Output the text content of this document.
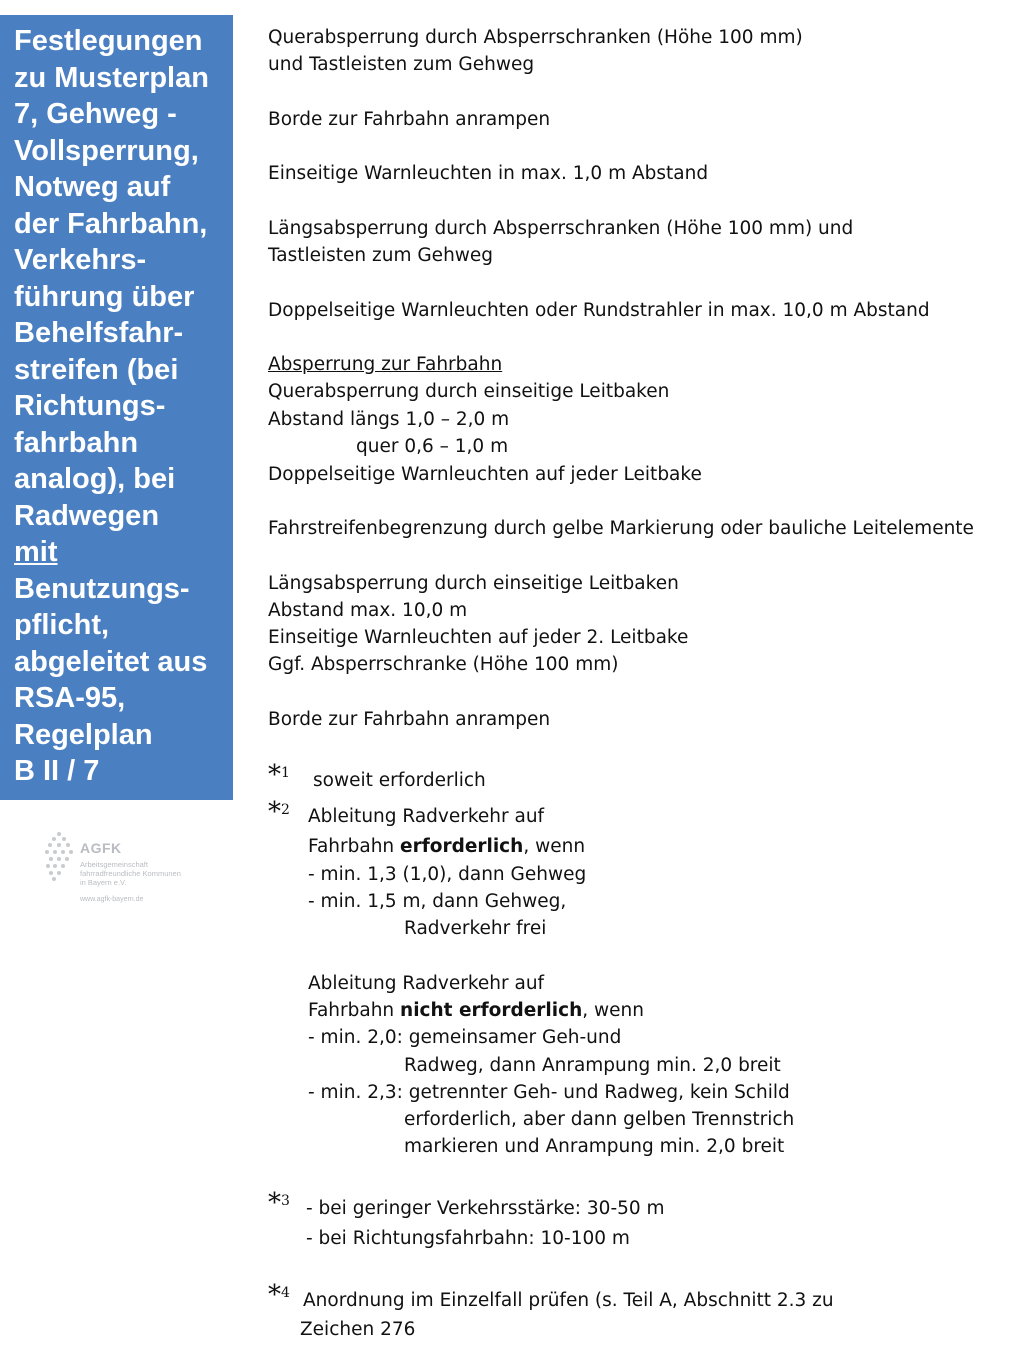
Festlegungen
zu Musterplan
7, Gehweg -
Vollsperrung,
Notweg auf
der Fahrbahn,
Verkehrs-
führung über
Behelfsfahr-
streifen (bei
Richtungs-
fahrbahn
analog), bei
Radwegen
mit
Benutzungs-
pflicht,
abgeleitet aus
RSA-95,
Regelplan
B II / 7
AGFK
Arbeitsgemeinschaft
fahrradfreundliche Kommunen
in Bayern e.V.
www.agfk-bayern.de
Querabsperrung durch Absperrschranken (Höhe 100 mm)
und Tastleisten zum Gehweg
Borde zur Fahrbahn anrampen
Einseitige Warnleuchten in max. 1,0 m Abstand
Längsabsperrung durch Absperrschranken (Höhe 100 mm) und
Tastleisten zum Gehweg
Doppelseitige Warnleuchten oder Rundstrahler in max. 10,0 m Abstand
Absperrung zur Fahrbahn
Querabsperrung durch einseitige Leitbaken
Abstand längs 1,0 – 2,0 m
quer 0,6 – 1,0 m
Doppelseitige Warnleuchten auf jeder Leitbake
Fahrstreifenbegrenzung durch gelbe Markierung oder bauliche Leitelemente
Längsabsperrung durch einseitige Leitbaken
Abstand max. 10,0 m
Einseitige Warnleuchten auf jeder 2. Leitbake
Ggf. Absperrschranke (Höhe 100 mm)
Borde zur Fahrbahn anrampen
*$^1$ soweit erforderlich
*$^2$ Ableitung Radverkehr auf
Fahrbahn erforderlich, wenn
- min. 1,3 (1,0), dann Gehweg
- min. 1,5 m, dann Gehweg,
Radverkehr frei
Ableitung Radverkehr auf
Fahrbahn nicht erforderlich, wenn
- min. 2,0: gemeinsamer Geh-und
Radweg, dann Anrampung min. 2,0 breit
- min. 2,3: getrennter Geh- und Radweg, kein Schild
erforderlich, aber dann gelben Trennstrich
markieren und Anrampung min. 2,0 breit
*$^3$ - bei geringer Verkehrsstärke: 30-50 m
- bei Richtungsfahrbahn: 10-100 m
*$^4$ Anordnung im Einzelfall prüfen (s. Teil A, Abschnitt 2.3 zu
Zeichen 276
